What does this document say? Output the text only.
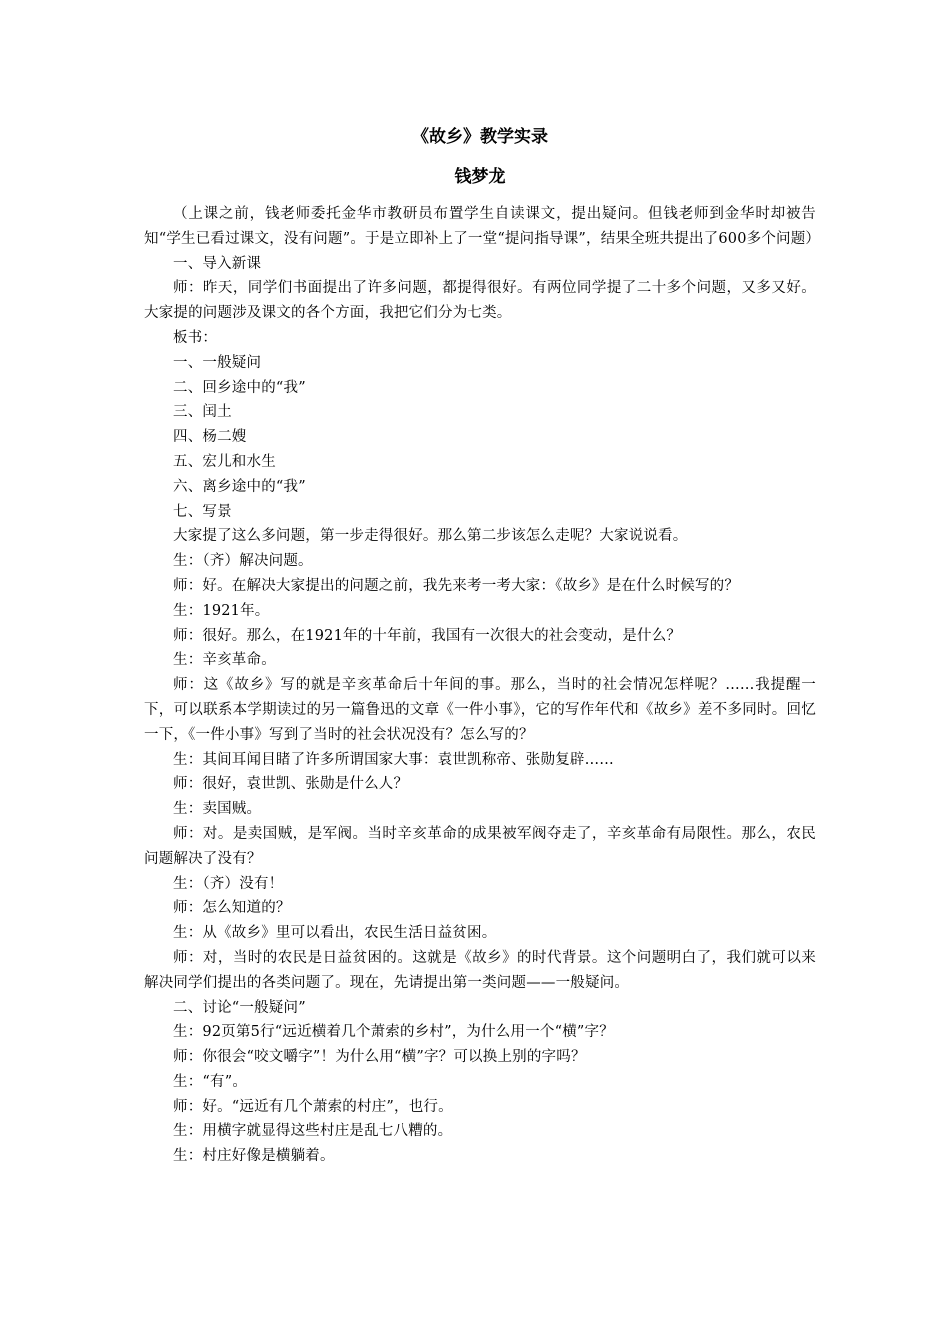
《故乡》教学实录
钱梦龙

（上课之前，钱老师委托金华市教研员布置学生自读课文，提出疑问。但钱老师到金华时却被告知“学生已看过课文，没有问题”。于是立即补上了一堂“提问指导课”，结果全班共提出了600多个问题）

一、导入新课

师：昨天，同学们书面提出了许多问题，都提得很好。有两位同学提了二十多个问题，又多又好。大家提的问题涉及课文的各个方面，我把它们分为七类。

板书：

一、一般疑问

二、回乡途中的“我”

三、闰土

四、杨二嫂

五、宏儿和水生

六、离乡途中的“我”

七、写景

大家提了这么多问题，第一步走得很好。那么第二步该怎么走呢？大家说说看。

生：（齐）解决问题。

师：好。在解决大家提出的问题之前，我先来考一考大家：《故乡》是在什么时候写的？

生：1921年。

师：很好。那么，在1921年的十年前，我国有一次很大的社会变动，是什么？

生：辛亥革命。

师：这《故乡》写的就是辛亥革命后十年间的事。那么，当时的社会情况怎样呢？……我提醒一下，可以联系本学期读过的另一篇鲁迅的文章《一件小事》，它的写作年代和《故乡》差不多同时。回忆一下，《一件小事》写到了当时的社会状况没有？怎么写的？

生：其间耳闻目睹了许多所谓国家大事：袁世凯称帝、张勋复辟……

师：很好，袁世凯、张勋是什么人？

生：卖国贼。

师：对。是卖国贼，是军阀。当时辛亥革命的成果被军阀夺走了，辛亥革命有局限性。那么，农民问题解决了没有？

生：（齐）没有！

师：怎么知道的？

生：从《故乡》里可以看出，农民生活日益贫困。

师：对，当时的农民是日益贫困的。这就是《故乡》的时代背景。这个问题明白了，我们就可以来解决同学们提出的各类问题了。现在，先请提出第一类问题——一般疑问。

二、讨论“一般疑问”

生：92页第5行“远近横着几个萧索的乡村”，为什么用一个“横”字？

师：你很会“咬文嚼字”！为什么用“横”字？可以换上别的字吗？

生：“有”。

师：好。“远近有几个萧索的村庄”，也行。

生：用横字就显得这些村庄是乱七八糟的。

生：村庄好像是横躺着。
